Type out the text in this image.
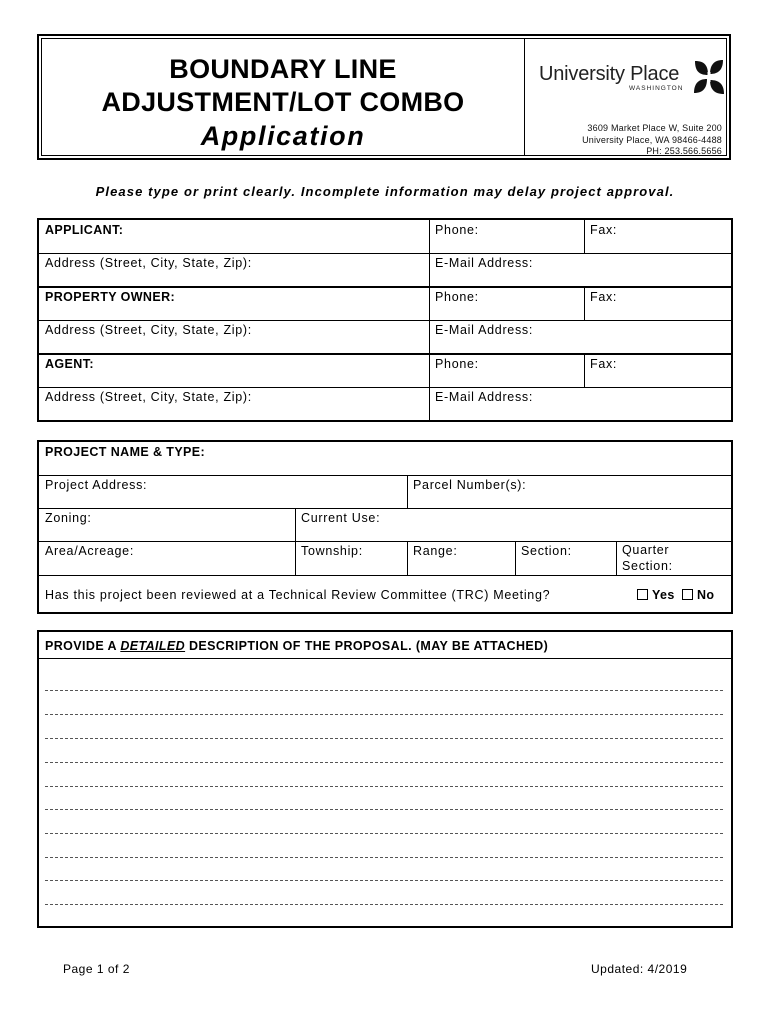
BOUNDARY LINE
ADJUSTMENT/LOT COMBO
Application
University Place
WASHINGTON
3609 Market Place W, Suite 200
University Place, WA 98466-4488
PH: 253.566.5656
Please type or print clearly. Incomplete information may delay project approval.
APPLICANT:	Phone:	Fax:
Address (Street, City, State, Zip):	E-Mail Address:
PROPERTY OWNER:	Phone:	Fax:
Address (Street, City, State, Zip):	E-Mail Address:
AGENT:	Phone:	Fax:
Address (Street, City, State, Zip):	E-Mail Address:
PROJECT NAME & TYPE:
Project Address:	Parcel Number(s):
Zoning:	Current Use:
Area/Acreage:	Township:	Range:	Section:	Quarter
Section:
Has this project been reviewed at a Technical Review Committee (TRC) Meeting?	Yes	No
PROVIDE A DETAILED DESCRIPTION OF THE PROPOSAL. (MAY BE ATTACHED)
Page 1 of 2	Updated: 4/2019
